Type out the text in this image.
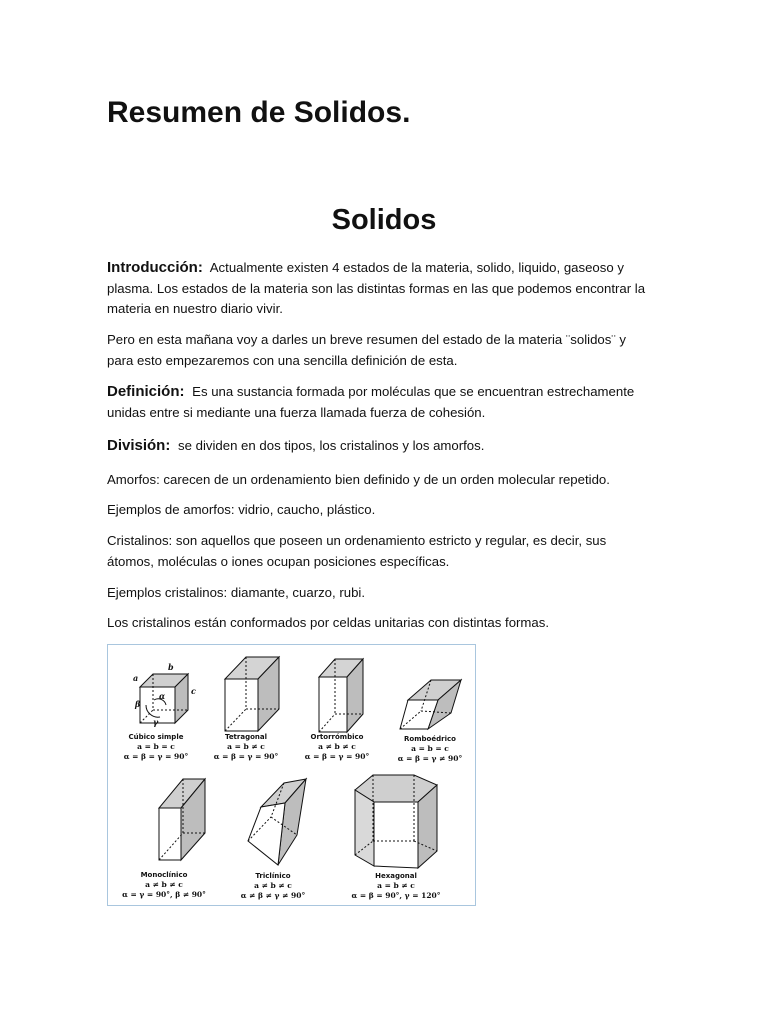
Resumen de Solidos.
Solidos

Introducción: Actualmente existen 4 estados de la materia, solido, liquido, gaseoso y plasma. Los estados de la materia son las distintas formas en las que podemos encontrar la materia en nuestro diario vivir.

Pero en esta mañana voy a darles un breve resumen del estado de la materia ¨solidos¨ y para esto empezaremos con una sencilla definición de esta.

Definición: Es una sustancia formada por moléculas que se encuentran estrechamente unidas entre si mediante una fuerza llamada fuerza de cohesión.

División: se dividen en dos tipos, los cristalinos y los amorfos.

Amorfos: carecen de un ordenamiento bien definido y de un orden molecular repetido.

Ejemplos de amorfos: vidrio, caucho, plástico.

Cristalinos: son aquellos que poseen un ordenamiento estricto y regular, es decir, sus átomos, moléculas o iones ocupan posiciones específicas.

Ejemplos cristalinos: diamante, cuarzo, rubi.

Los cristalinos están conformados por celdas unitarias con distintas formas.

a
b
c
α
β
γ
Cúbico simple
a = b = c
α = β = γ = 90°
Tetragonal
a = b ≠ c
α = β = γ = 90°
Ortorrómbico
a ≠ b ≠ c
α = β = γ = 90°
Romboédrico
a = b = c
α = β = γ ≠ 90°
Monoclínico
a ≠ b ≠ c
α = γ = 90°, β ≠ 90°
Triclínico
a ≠ b ≠ c
α ≠ β ≠ γ ≠ 90°
Hexagonal
a = b ≠ c
α = β = 90°, γ = 120°
